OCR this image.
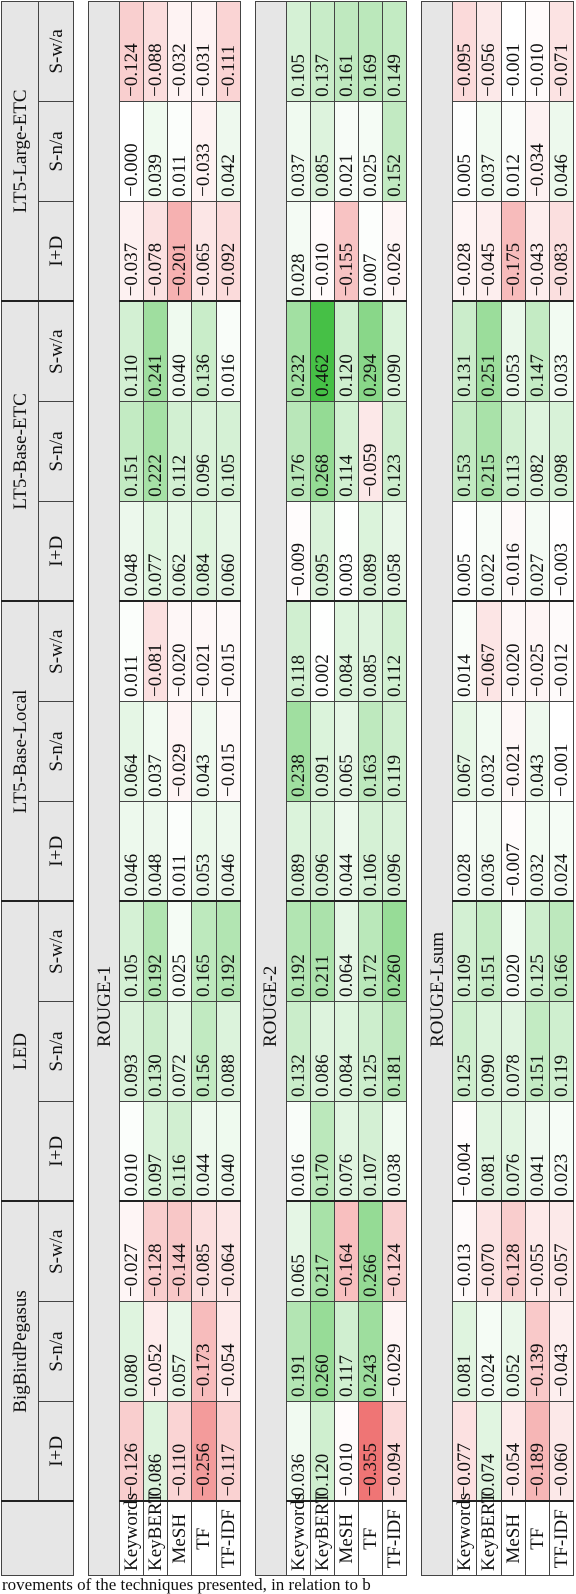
	BigBirdPegasus			LED			LT5-Base-Local			LT5-Base-ETC			LT5-Large-ETC		
	I+D	S-n/a	S-w/a	I+D	S-n/a	S-w/a	I+D	S-n/a	S-w/a	I+D	S-n/a	S-w/a	I+D	S-n/a	S-w/a

ROUGE-1															
Keywords	−0.126	0.080	−0.027	0.010	0.093	0.105	0.046	0.064	0.011	0.048	0.151	0.110	−0.037	−0.000	−0.124
KeyBERT	0.086	−0.052	−0.128	0.097	0.130	0.192	0.048	0.037	−0.081	0.077	0.222	0.241	−0.078	0.039	−0.088
MeSH	−0.110	0.057	−0.144	0.116	0.072	0.025	0.011	−0.029	−0.020	0.062	0.112	0.040	−0.201	0.011	−0.032
TF	−0.256	−0.173	−0.085	0.044	0.156	0.165	0.053	0.043	−0.021	0.084	0.096	0.136	−0.065	−0.033	−0.031
TF-IDF	−0.117	−0.054	−0.064	0.040	0.088	0.192	0.046	−0.015	−0.015	0.060	0.105	0.016	−0.092	0.042	−0.111

ROUGE-2															
Keywords	0.036	0.191	0.065	0.016	0.132	0.192	0.089	0.238	0.118	−0.009	0.176	0.232	0.028	0.037	0.105
KeyBERT	0.120	0.260	0.217	0.170	0.086	0.211	0.096	0.091	0.002	0.095	0.268	0.462	−0.010	0.085	0.137
MeSH	−0.010	0.117	−0.164	0.076	0.084	0.064	0.044	0.065	0.084	0.003	0.114	0.120	−0.155	0.021	0.161
TF	−0.355	0.243	0.266	0.107	0.125	0.172	0.106	0.163	0.085	0.089	−0.059	0.294	0.007	0.025	0.169
TF-IDF	−0.094	−0.029	−0.124	0.038	0.181	0.260	0.096	0.119	0.112	0.058	0.123	0.090	−0.026	0.152	0.149

ROUGE-Lsum															
Keywords	−0.077	0.081	−0.013	−0.004	0.125	0.109	0.028	0.067	0.014	0.005	0.153	0.131	−0.028	0.005	−0.095
KeyBERT	0.074	0.024	−0.070	0.081	0.090	0.151	0.036	0.032	−0.067	0.022	0.215	0.251	−0.045	0.037	−0.056
MeSH	−0.054	0.052	−0.128	0.076	0.078	0.020	−0.007	−0.021	−0.020	−0.016	0.113	0.053	−0.175	0.012	−0.001
TF	−0.189	−0.139	−0.055	0.041	0.151	0.125	0.032	0.043	−0.025	0.027	0.082	0.147	−0.043	−0.034	−0.010
TF-IDF	−0.060	−0.043	−0.057	0.023	0.119	0.166	0.024	−0.001	−0.012	−0.003	0.098	0.033	−0.083	0.046	−0.071
rovements of the techniques presented, in relation to b
